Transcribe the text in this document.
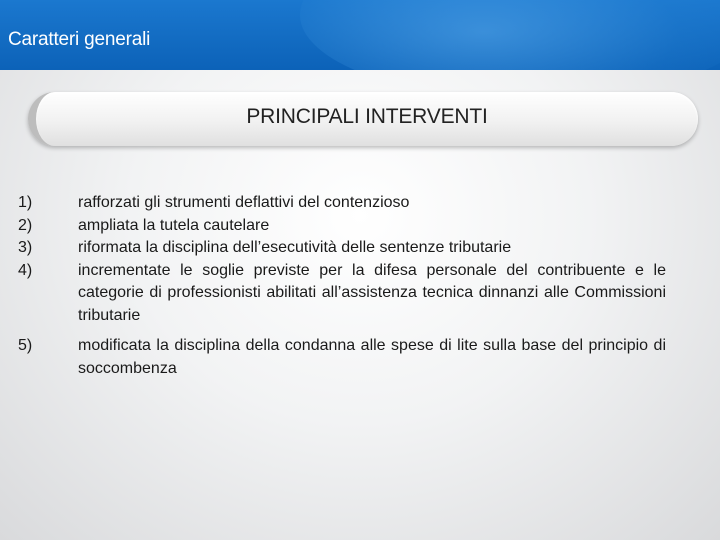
Caratteri generali
PRINCIPALI INTERVENTI
1)	rafforzati gli strumenti deflattivi del contenzioso
2)	ampliata la tutela cautelare
3)	riformata la disciplina dell’esecutività delle sentenze tributarie
4)	incrementate le soglie previste per la difesa personale del contribuente e le categorie di professionisti abilitati all’assistenza tecnica dinnanzi alle Commissioni tributarie
5)	modificata la disciplina della condanna alle spese di lite sulla base del principio di soccombenza
